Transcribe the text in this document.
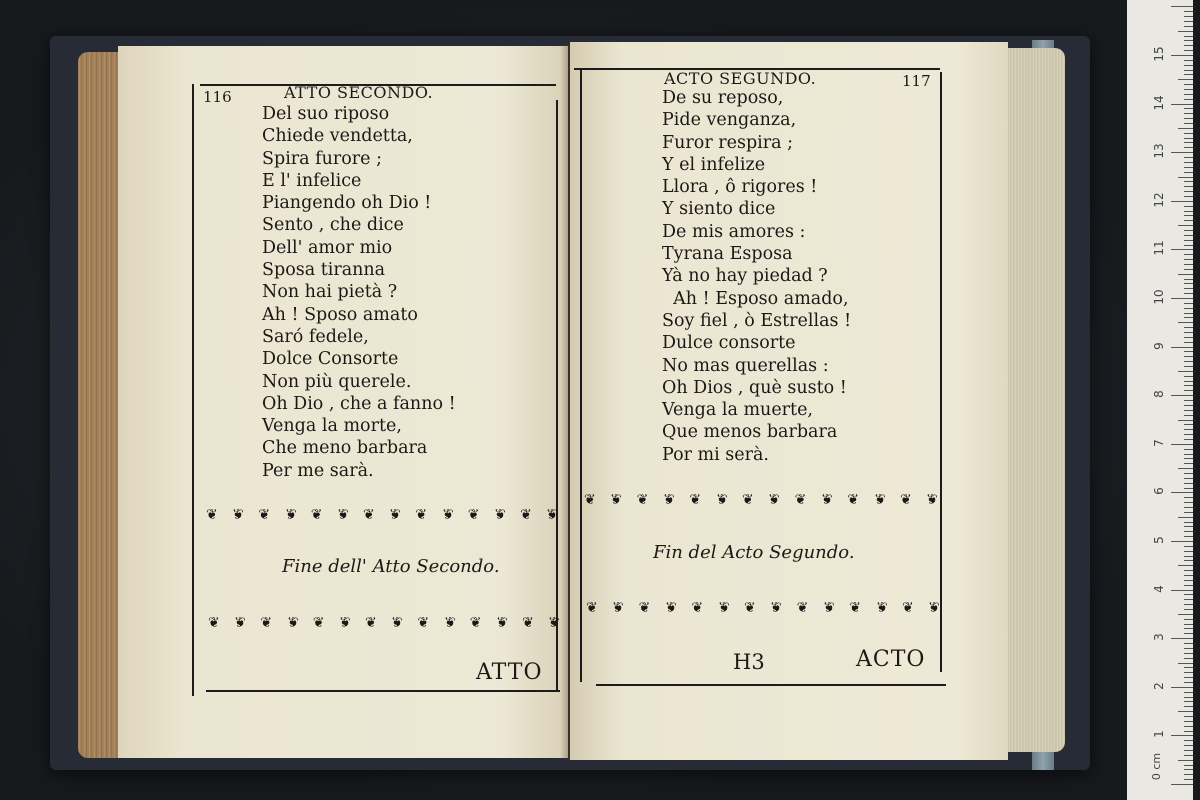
116	ATTO SECONDO.
Del suo riposo
Chiede vendetta,
Spira furore ;
E l' infelice
Piangendo oh Dio !
Sento , che dice
Dell' amor mio
Sposa tiranna
Non hai pietà ?
Ah ! Sposo amato
Saró fedele,
Dolce Consorte
Non più querele.
Oh Dio , che a fanno !
Venga la morte,
Che meno barbara
Per me sarà.
❦ ❦ ❦ ❦ ❦ ❦ ❦ ❦ ❦ ❦ ❦ ❦ ❦ ❦
Fine dell' Atto Secondo.
❦ ❦ ❦ ❦ ❦ ❦ ❦ ❦ ❦ ❦ ❦ ❦ ❦ ❦
ATTO
ACTO SEGUNDO.	117
De su reposo,
Pide venganza,
Furor respira ;
Y el infelize
Llora , ô rigores !
Y siento dice
De mis amores :
Tyrana Esposa
Yà no hay piedad ?
Ah ! Esposo amado,
Soy fiel , ò Estrellas !
Dulce consorte
No mas querellas :
Oh Dios , què susto !
Venga la muerte,
Que menos barbara
Por mi serà.
❦ ❦ ❦ ❦ ❦ ❦ ❦ ❦ ❦ ❦ ❦ ❦ ❦ ❦
Fin del Acto Segundo.
❦ ❦ ❦ ❦ ❦ ❦ ❦ ❦ ❦ ❦ ❦ ❦ ❦ ❦
H3	ACTO
0 cm
1
2
3
4
5
6
7
8
9
10
11
12
13
14
15
